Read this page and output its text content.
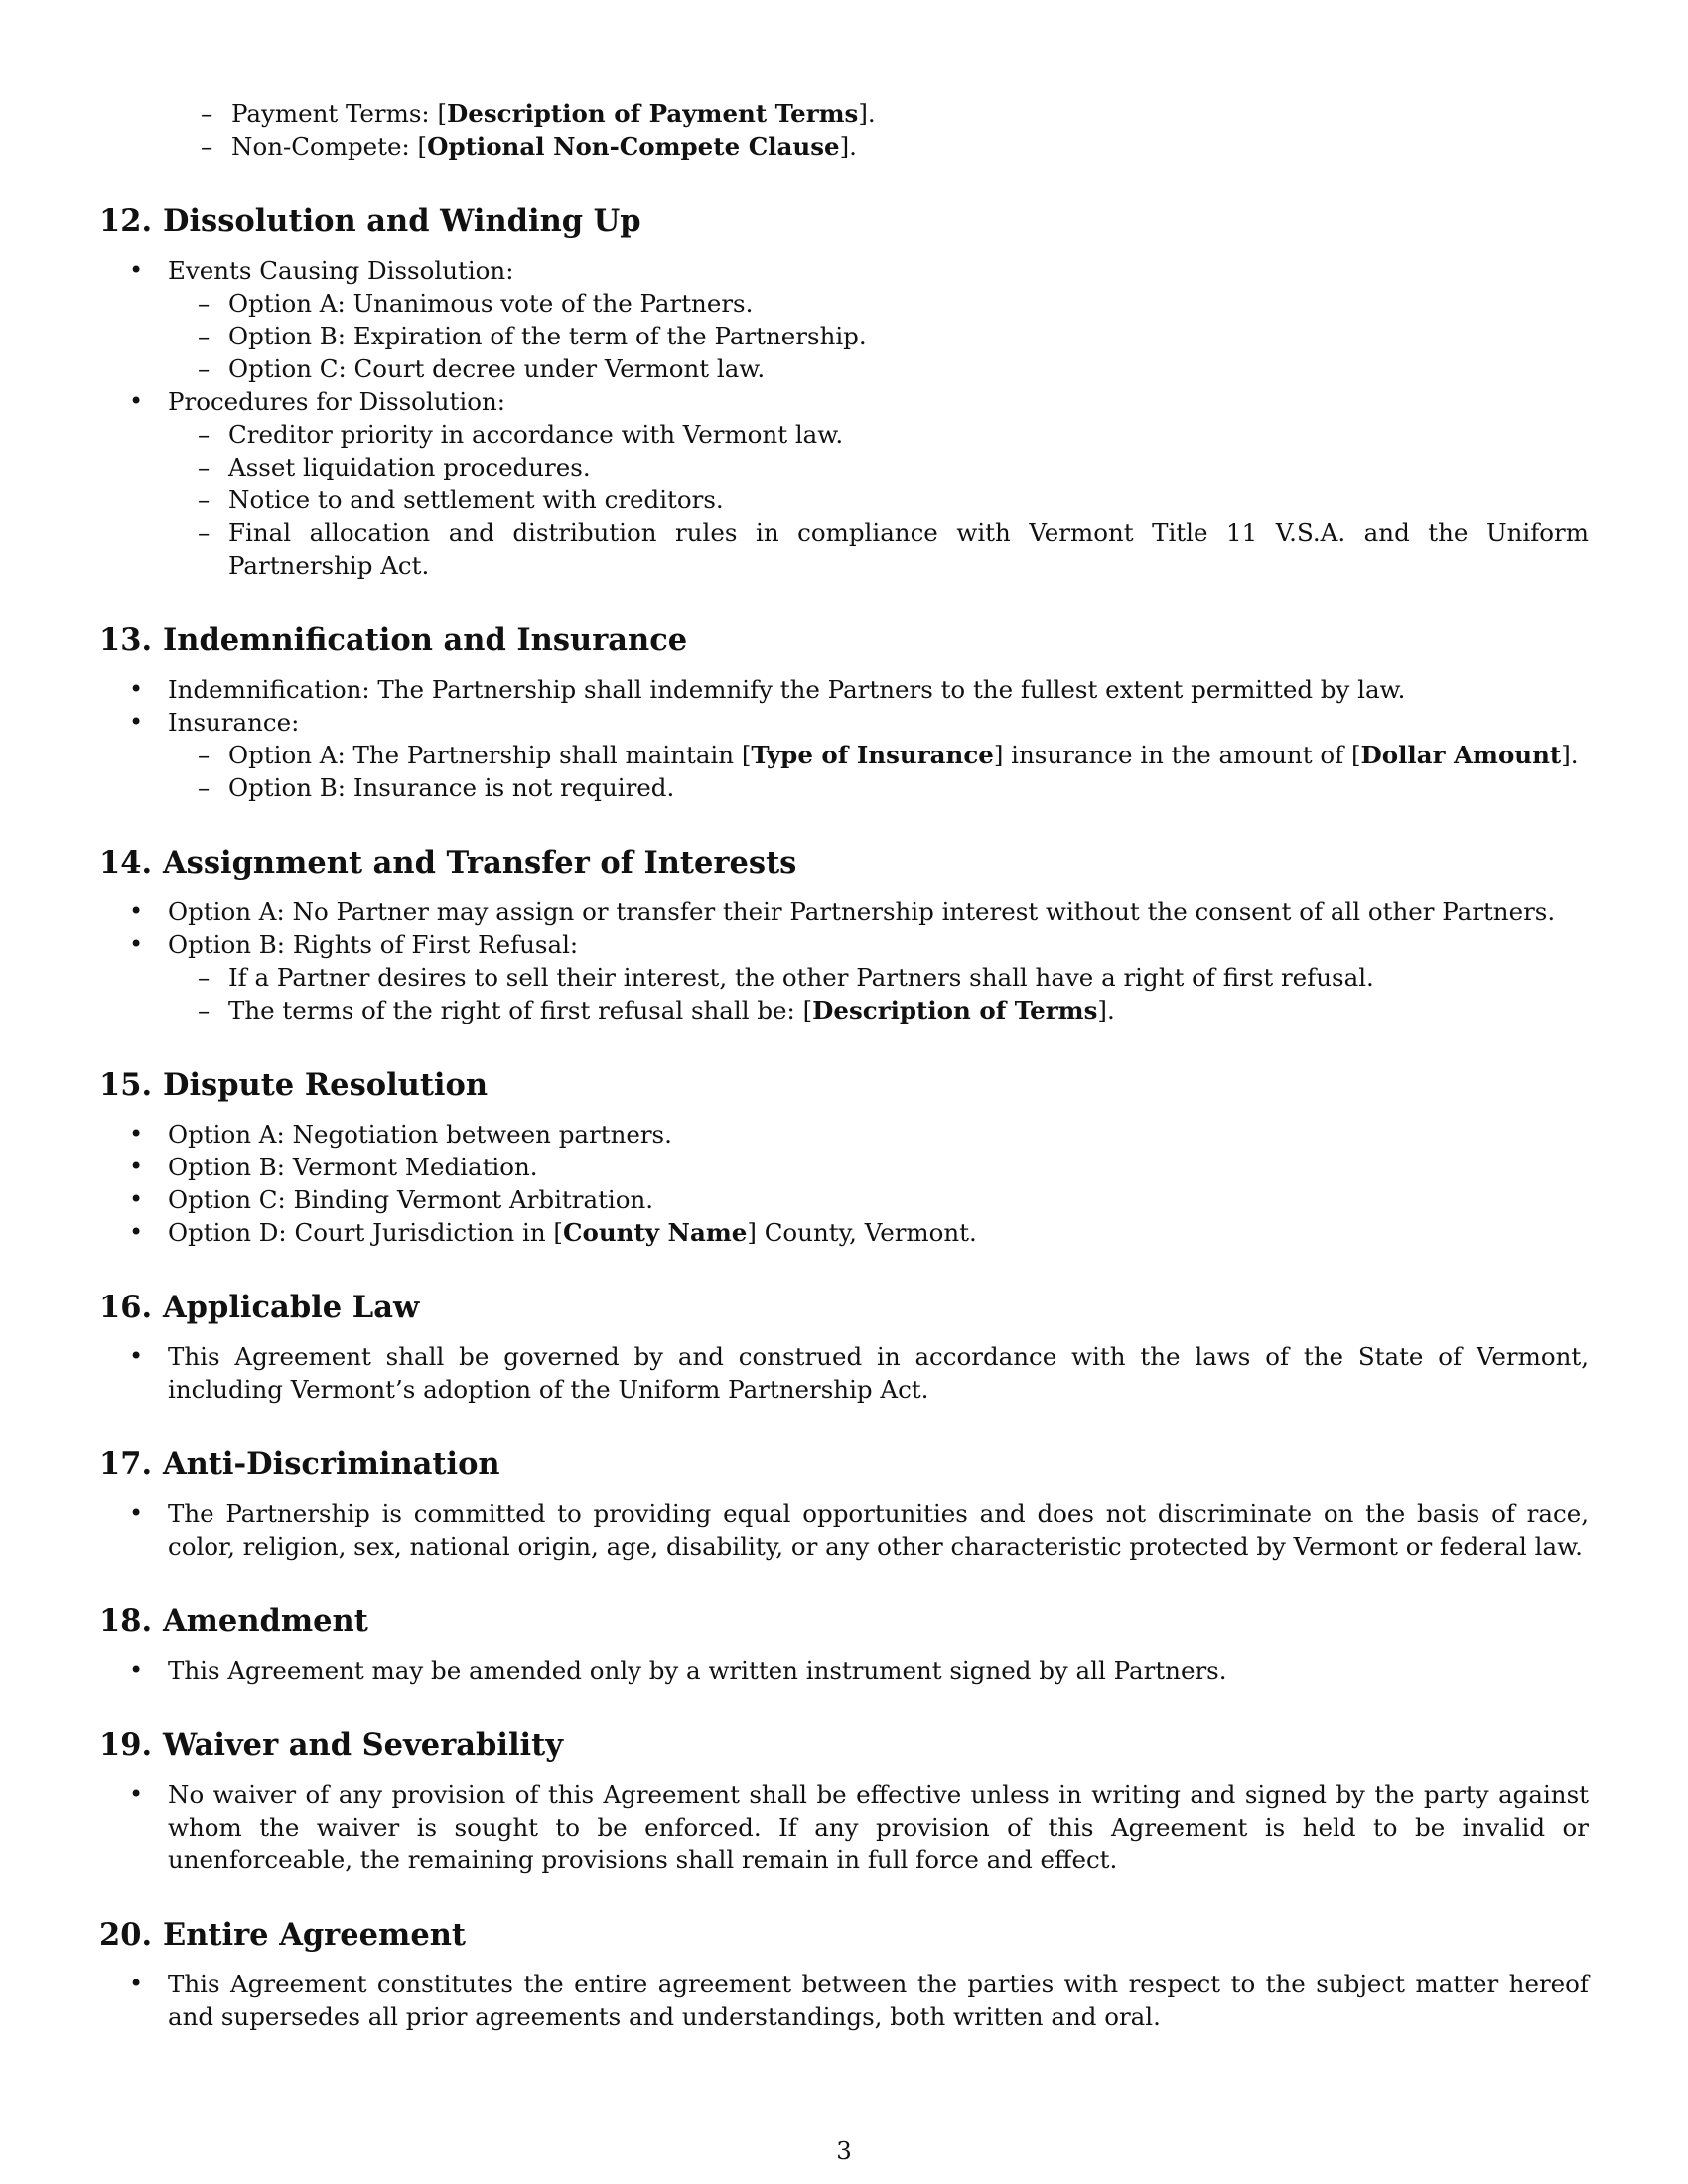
– Payment Terms: [Description of Payment Terms].
– Non-Compete: [Optional Non-Compete Clause].
12. Dissolution and Winding Up
• Events Causing Dissolution:
– Option A: Unanimous vote of the Partners.
– Option B: Expiration of the term of the Partnership.
– Option C: Court decree under Vermont law.
• Procedures for Dissolution:
– Creditor priority in accordance with Vermont law.
– Asset liquidation procedures.
– Notice to and settlement with creditors.
– Final allocation and distribution rules in compliance with Vermont Title 11 V.S.A. and the Uniform Partnership Act.
13. Indemnification and Insurance
• Indemnification: The Partnership shall indemnify the Partners to the fullest extent permitted by law.
• Insurance:
– Option A: The Partnership shall maintain [Type of Insurance] insurance in the amount of [Dollar Amount].
– Option B: Insurance is not required.
14. Assignment and Transfer of Interests
• Option A: No Partner may assign or transfer their Partnership interest without the consent of all other Partners.
• Option B: Rights of First Refusal:
– If a Partner desires to sell their interest, the other Partners shall have a right of first refusal.
– The terms of the right of first refusal shall be: [Description of Terms].
15. Dispute Resolution
• Option A: Negotiation between partners.
• Option B: Vermont Mediation.
• Option C: Binding Vermont Arbitration.
• Option D: Court Jurisdiction in [County Name] County, Vermont.
16. Applicable Law
• This Agreement shall be governed by and construed in accordance with the laws of the State of Vermont, including Vermont’s adoption of the Uniform Partnership Act.
17. Anti-Discrimination
• The Partnership is committed to providing equal opportunities and does not discriminate on the basis of race, color, religion, sex, national origin, age, disability, or any other characteristic protected by Vermont or federal law.
18. Amendment
• This Agreement may be amended only by a written instrument signed by all Partners.
19. Waiver and Severability
• No waiver of any provision of this Agreement shall be effective unless in writing and signed by the party against whom the waiver is sought to be enforced. If any provision of this Agreement is held to be invalid or unenforceable, the remaining provisions shall remain in full force and effect.
20. Entire Agreement
• This Agreement constitutes the entire agreement between the parties with respect to the subject matter hereof and supersedes all prior agreements and understandings, both written and oral.
3
